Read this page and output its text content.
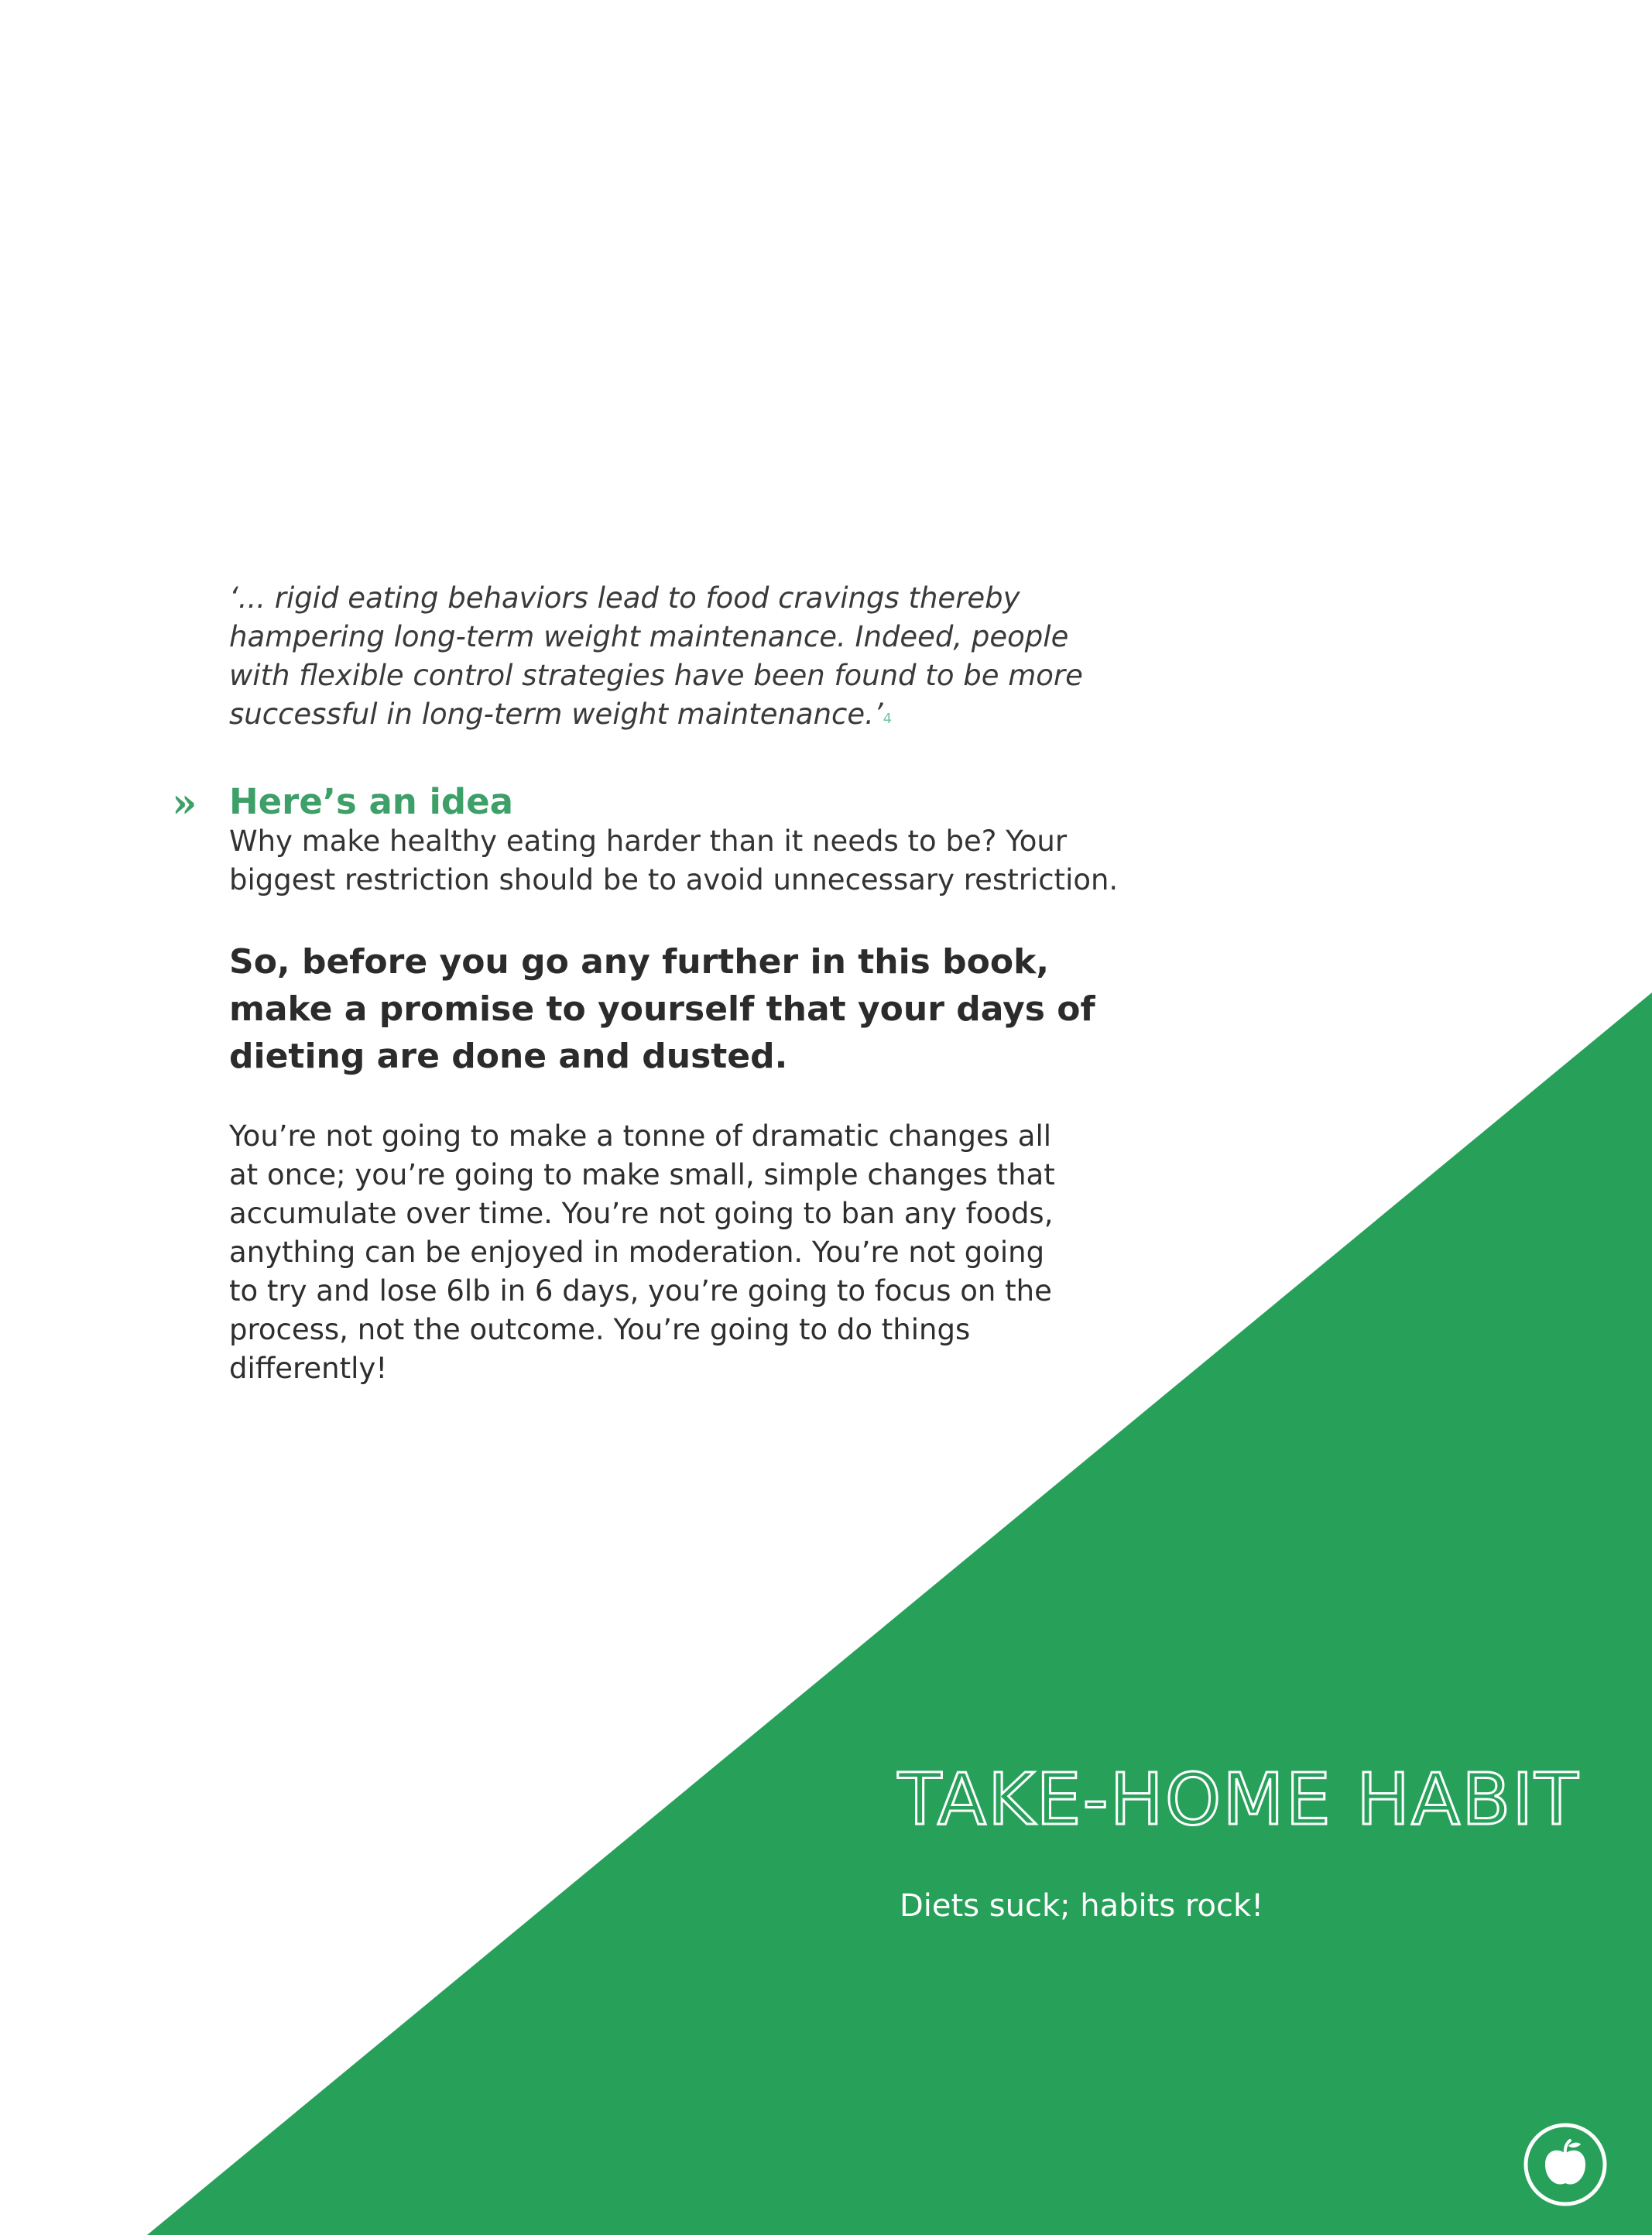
‘... rigid eating behaviors lead to food cravings thereby hampering long-term weight maintenance. Indeed, people with flexible control strategies have been found to be more successful in long-term weight maintenance.’$^4$

» Here’s an idea

Why make healthy eating harder than it needs to be? Your biggest restriction should be to avoid unnecessary restriction.

So, before you go any further in this book, make a promise to yourself that your days of dieting are done and dusted.

You’re not going to make a tonne of dramatic changes all at once; you’re going to make small, simple changes that accumulate over time. You’re not going to ban any foods, anything can be enjoyed in moderation. You’re not going to try and lose 6lb in 6 days, you’re going to focus on the process, not the outcome. You’re going to do things differently!

TAKE-HOME HABIT

Diets suck; habits rock!
